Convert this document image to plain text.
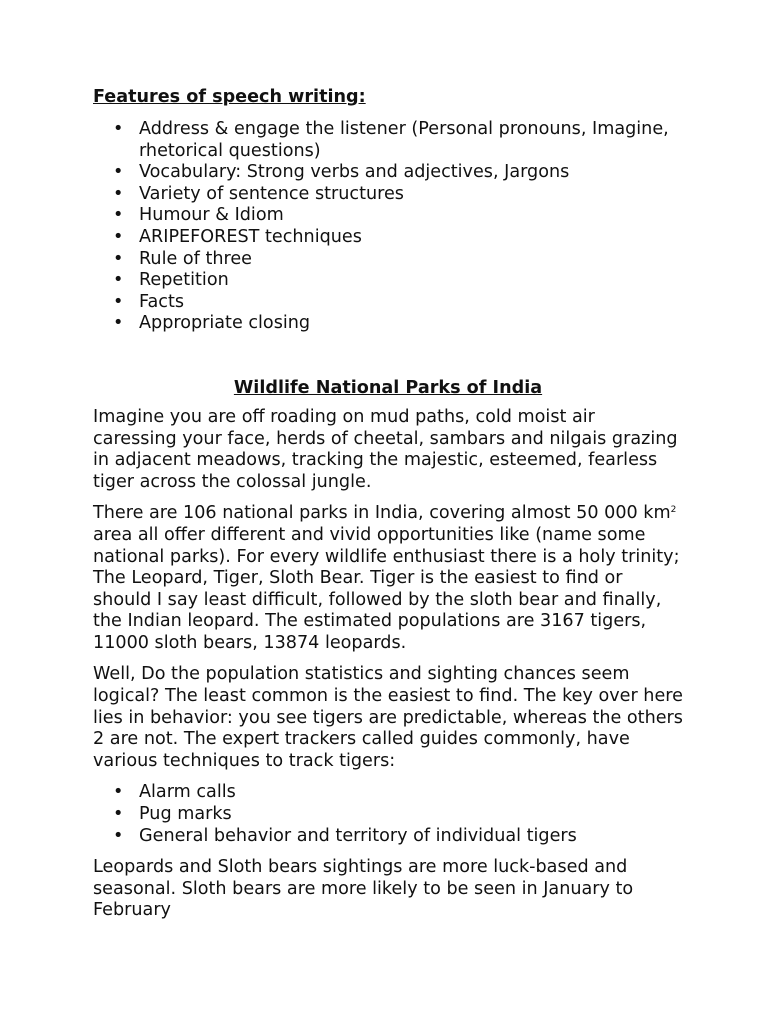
Features of speech writing:
• Address & engage the listener (Personal pronouns, Imagine, rhetorical questions)
• Vocabulary: Strong verbs and adjectives, Jargons
• Variety of sentence structures
• Humour & Idiom
• ARIPEFOREST techniques
• Rule of three
• Repetition
• Facts
• Appropriate closing
Wildlife National Parks of India

Imagine you are off roading on mud paths, cold moist air caressing your face, herds of cheetal, sambars and nilgais grazing in adjacent meadows, tracking the majestic, esteemed, fearless tiger across the colossal jungle.

There are 106 national parks in India, covering almost 50 000 $km^2$ area all offer different and vivid opportunities like (name some national parks). For every wildlife enthusiast there is a holy trinity; The Leopard, Tiger, Sloth Bear. Tiger is the easiest to find or should I say least difficult, followed by the sloth bear and finally, the Indian leopard. The estimated populations are 3167 tigers, 11000 sloth bears, 13874 leopards.

Well, Do the population statistics and sighting chances seem logical? The least common is the easiest to find. The key over here lies in behavior: you see tigers are predictable, whereas the others 2 are not. The expert trackers called guides commonly, have various techniques to track tigers:

• Alarm calls
• Pug marks
• General behavior and territory of individual tigers

Leopards and Sloth bears sightings are more luck-based and seasonal. Sloth bears are more likely to be seen in January to February
